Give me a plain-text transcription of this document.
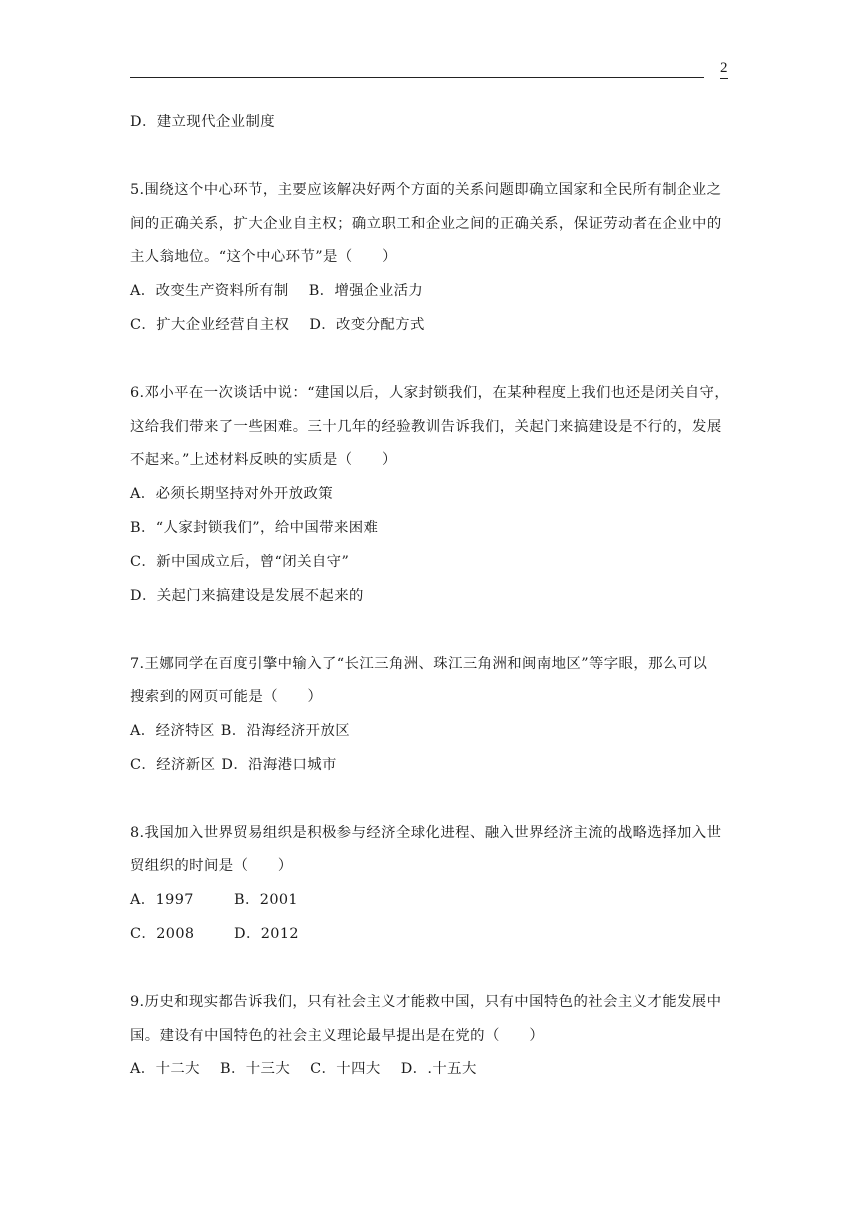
2
D．建立现代企业制度
5.围绕这个中心环节，主要应该解决好两个方面的关系问题即确立国家和全民所有制企业之
间的正确关系，扩大企业自主权；确立职工和企业之间的正确关系，保证劳动者在企业中的
主人翁地位。“这个中心环节”是（　　）
A．改变生产资料所有制 B．增强企业活力
C．扩大企业经营自主权 D．改变分配方式
6.邓小平在一次谈话中说：“建国以后，人家封锁我们，在某种程度上我们也还是闭关自守，
这给我们带来了一些困难。三十几年的经验教训告诉我们，关起门来搞建设是不行的，发展
不起来。”上述材料反映的实质是（　　）
A．必须长期坚持对外开放政策
B．“人家封锁我们”，给中国带来困难
C．新中国成立后，曾“闭关自守”
D．关起门来搞建设是发展不起来的
7.王娜同学在百度引擎中输入了“长江三角洲、珠江三角洲和闽南地区”等字眼，那么可以
搜索到的网页可能是（　　）
A．经济特区 B．沿海经济开放区
C．经济新区 D．沿海港口城市
8.我国加入世界贸易组织是积极参与经济全球化进程、融入世界经济主流的战略选择加入世
贸组织的时间是（　　）
A．1997	B．2001
C．2008	D．2012
9.历史和现实都告诉我们，只有社会主义才能救中国，只有中国特色的社会主义才能发展中
国。建设有中国特色的社会主义理论最早提出是在党的（　　）
A．十二大 B．十三大 C．十四大 D．.十五大
